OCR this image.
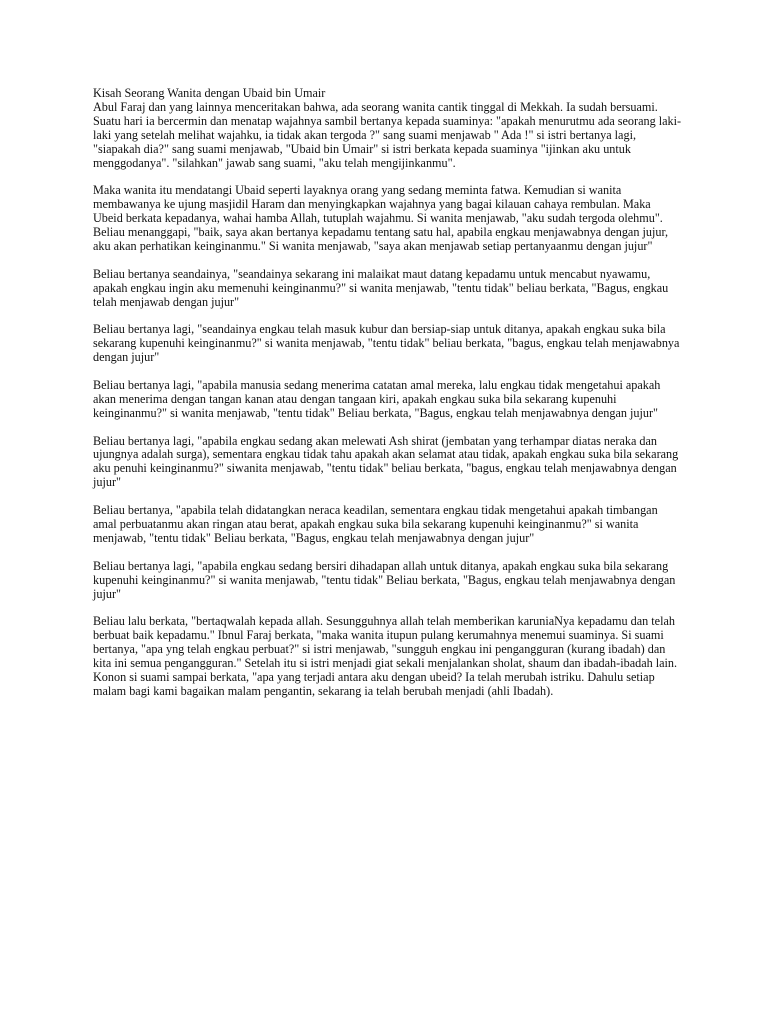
Kisah Seorang Wanita dengan Ubaid bin Umair

Abul Faraj dan yang lainnya menceritakan bahwa, ada seorang wanita cantik tinggal di Mekkah. Ia sudah bersuami. Suatu hari ia bercermin dan menatap wajahnya sambil bertanya kepada suaminya: "apakah menurutmu ada seorang laki-laki yang setelah melihat wajahku, ia tidak akan tergoda ?" sang suami menjawab " Ada !" si istri bertanya lagi, "siapakah dia?" sang suami menjawab, "Ubaid bin Umair" si istri berkata kepada suaminya "ijinkan aku untuk menggodanya". "silahkan" jawab sang suami, "aku telah mengijinkanmu".

Maka wanita itu mendatangi Ubaid seperti layaknya orang yang sedang meminta fatwa. Kemudian si wanita membawanya ke ujung masjidil Haram dan menyingkapkan wajahnya yang bagai kilauan cahaya rembulan. Maka Ubeid berkata kepadanya, wahai hamba Allah, tutuplah wajahmu. Si wanita menjawab, "aku sudah tergoda olehmu". Beliau menanggapi, "baik, saya akan bertanya kepadamu tentang satu hal, apabila engkau menjawabnya dengan jujur, aku akan perhatikan keinginanmu." Si wanita menjawab, "saya akan menjawab setiap pertanyaanmu dengan jujur"

Beliau bertanya seandainya, "seandainya sekarang ini malaikat maut datang kepadamu untuk mencabut nyawamu, apakah engkau ingin aku memenuhi keinginanmu?" si wanita menjawab, "tentu tidak" beliau berkata, "Bagus, engkau telah menjawab dengan jujur"

Beliau bertanya lagi, "seandainya engkau telah masuk kubur dan bersiap-siap untuk ditanya, apakah engkau suka bila sekarang kupenuhi keinginanmu?" si wanita menjawab, "tentu tidak" beliau berkata, "bagus, engkau telah menjawabnya dengan jujur"

Beliau bertanya lagi, "apabila manusia sedang menerima catatan amal mereka, lalu engkau tidak mengetahui apakah akan menerima dengan tangan kanan atau dengan tangaan kiri, apakah engkau suka bila sekarang kupenuhi keinginanmu?" si wanita menjawab, "tentu tidak" Beliau berkata, "Bagus, engkau telah menjawabnya dengan jujur"

Beliau bertanya lagi, "apabila engkau sedang akan melewati Ash shirat (jembatan yang terhampar diatas neraka dan ujungnya adalah surga), sementara engkau tidak tahu apakah akan selamat atau tidak, apakah engkau suka bila sekarang aku penuhi keinginanmu?" siwanita menjawab, "tentu tidak" beliau berkata, "bagus, engkau telah menjawabnya dengan jujur"

Beliau bertanya, "apabila telah didatangkan neraca keadilan, sementara engkau tidak mengetahui apakah timbangan amal perbuatanmu akan ringan atau berat, apakah engkau suka bila sekarang kupenuhi keinginanmu?" si wanita menjawab, "tentu tidak" Beliau berkata, "Bagus, engkau telah menjawabnya dengan jujur"

Beliau bertanya lagi, "apabila engkau sedang bersiri dihadapan allah untuk ditanya, apakah engkau suka bila sekarang kupenuhi keinginanmu?" si wanita menjawab, "tentu tidak" Beliau berkata, "Bagus, engkau telah menjawabnya dengan jujur"

Beliau lalu berkata, "bertaqwalah kepada allah. Sesungguhnya allah telah memberikan karuniaNya kepadamu dan telah berbuat baik kepadamu." Ibnul Faraj berkata, "maka wanita itupun pulang kerumahnya menemui suaminya. Si suami bertanya, "apa yng telah engkau perbuat?" si istri menjawab, "sungguh engkau ini pengangguran (kurang ibadah) dan kita ini semua pengangguran." Setelah itu si istri menjadi giat sekali menjalankan sholat, shaum dan ibadah-ibadah lain. Konon si suami sampai berkata, "apa yang terjadi antara aku dengan ubeid? Ia telah merubah istriku. Dahulu setiap malam bagi kami bagaikan malam pengantin, sekarang ia telah berubah menjadi (ahli Ibadah).
